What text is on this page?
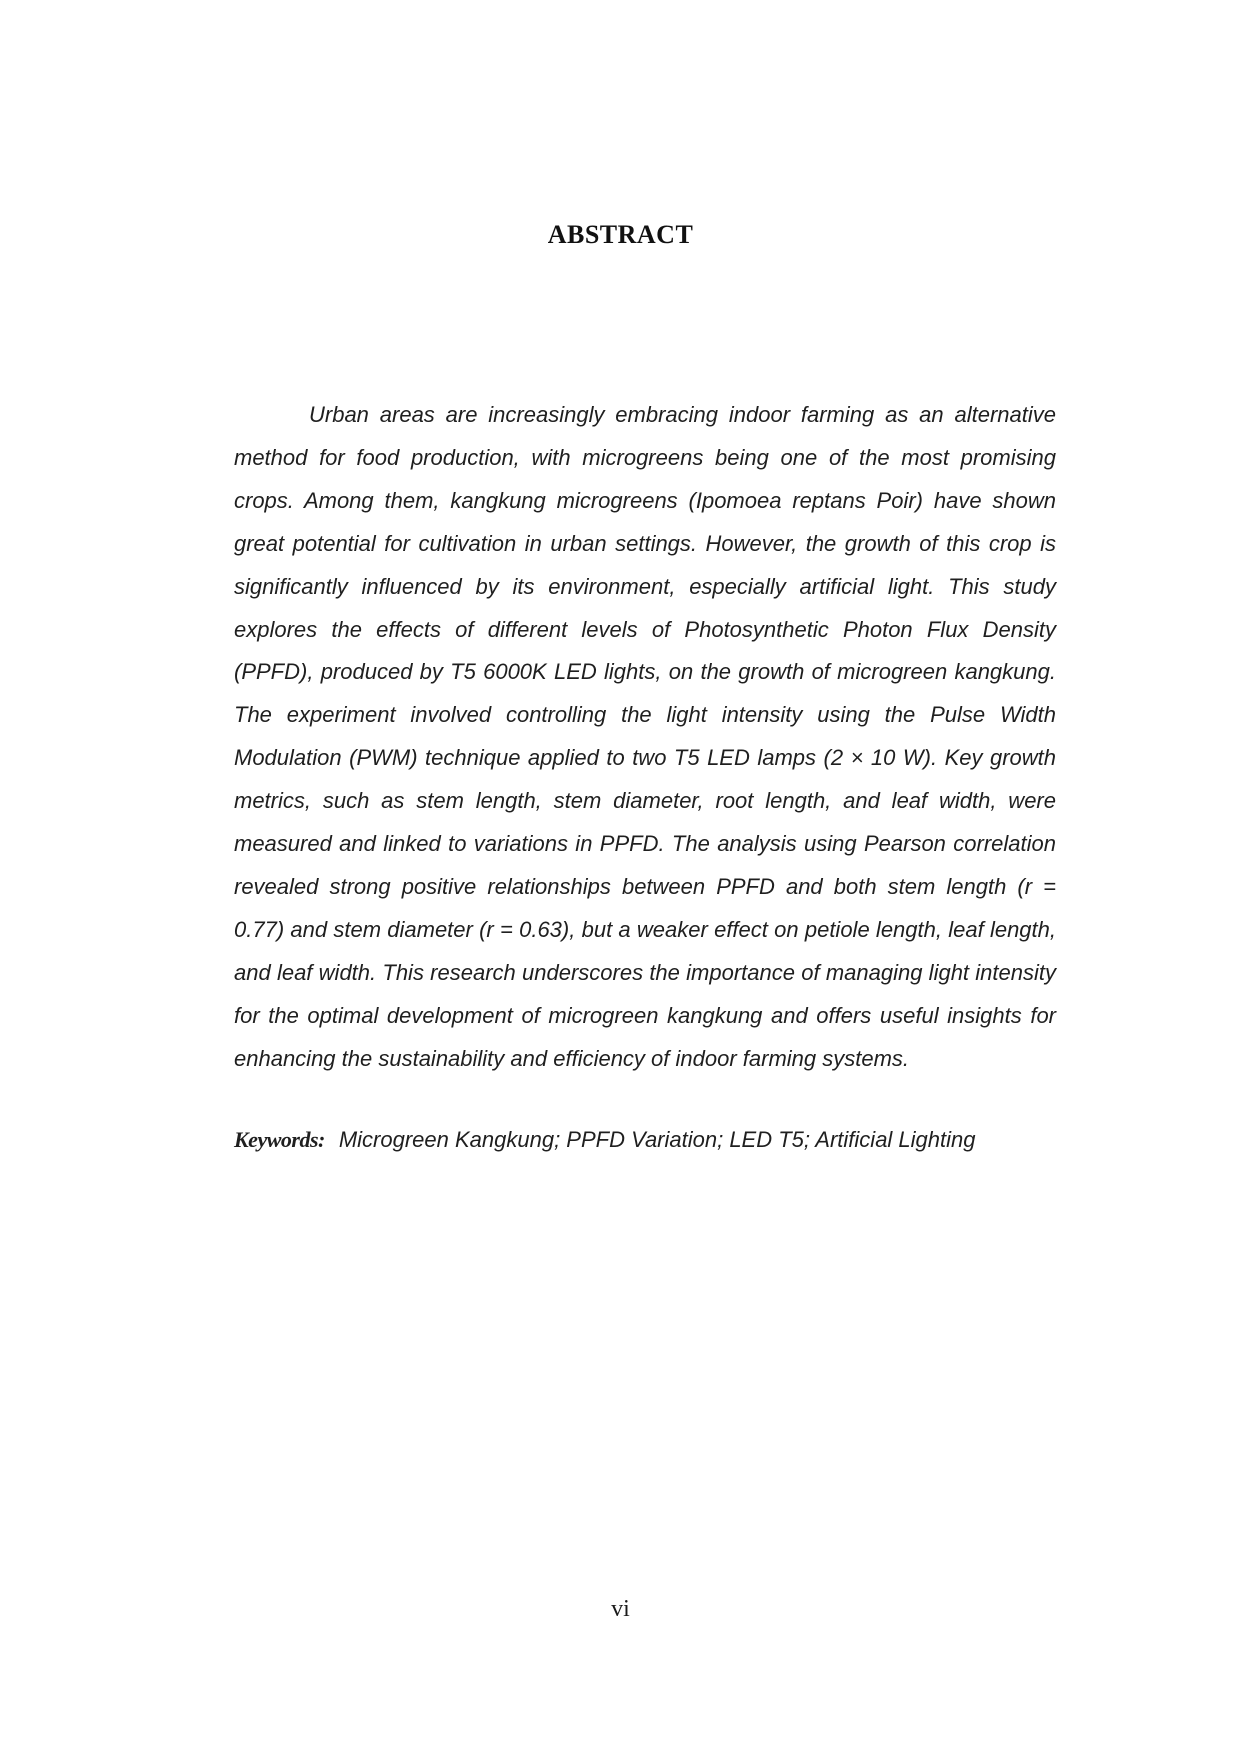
ABSTRACT

Urban areas are increasingly embracing indoor farming as an alternative method for food production, with microgreens being one of the most promising crops. Among them, kangkung microgreens (Ipomoea reptans Poir) have shown great potential for cultivation in urban settings. However, the growth of this crop is significantly influenced by its environment, especially artificial light. This study explores the effects of different levels of Photosynthetic Photon Flux Density (PPFD), produced by T5 6000K LED lights, on the growth of microgreen kangkung. The experiment involved controlling the light intensity using the Pulse Width Modulation (PWM) technique applied to two T5 LED lamps (2 × 10 W). Key growth metrics, such as stem length, stem diameter, root length, and leaf width, were measured and linked to variations in PPFD. The analysis using Pearson correlation revealed strong positive relationships between PPFD and both stem length (r = 0.77) and stem diameter (r = 0.63), but a weaker effect on petiole length, leaf length, and leaf width. This research underscores the importance of managing light intensity for the optimal development of microgreen kangkung and offers useful insights for enhancing the sustainability and efficiency of indoor farming systems.

Keywords: Microgreen Kangkung; PPFD Variation; LED T5; Artificial Lighting
vi
